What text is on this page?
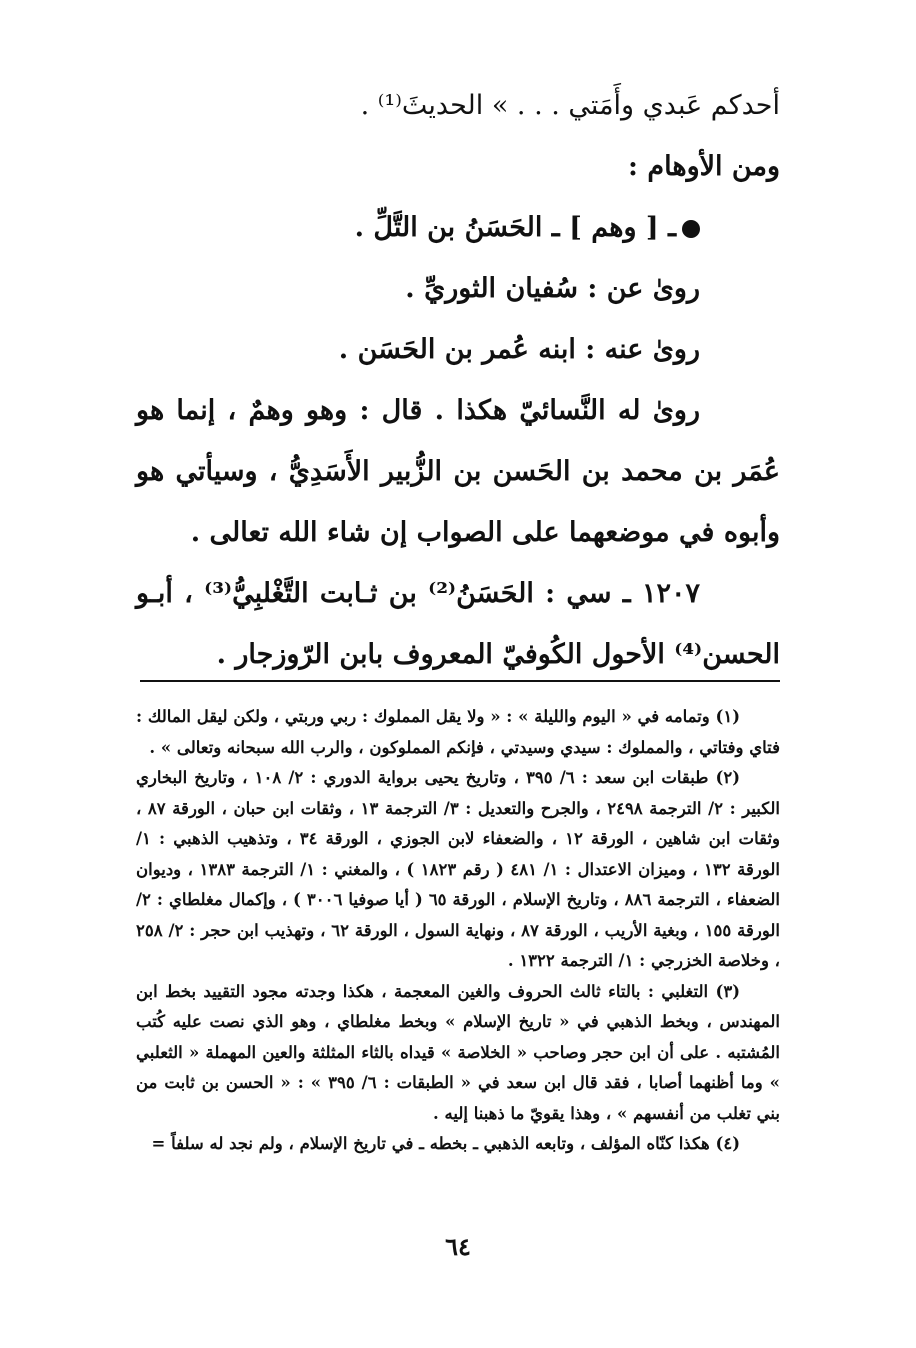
أحدكم عَبدي وأَمَتي . . . » الحديثَ⁽¹⁾ .

ومن الأوهام :

ـ [ وهم ] ـ الحَسَنُ بن التَّلِّ .

رویٰ عن : سُفيان الثوريِّ .

رویٰ عنه : ابنه عُمر بن الحَسَن .

رویٰ له النَّسائيّ هكذا . قال : وهو وهمٌ ، إنما هو عُمَر بن محمد بن الحَسن بن الزُّبير الأَسَدِيُّ ، وسيأتي هو وأبوه في موضعهما على الصواب إن شاء الله تعالى .

١٢٠٧ ـ سي : الحَسَنُ⁽²⁾ بن ثـابت التَّغْلبِيُّ⁽³⁾ ، أبـو الحسن⁽⁴⁾ الأحول الكُوفيّ المعروف بابن الرّوزجار .

(١) وتمامه في « اليوم والليلة » : « ولا يقل المملوك : ربي وربتي ، ولكن ليقل المالك : فتاي وفتاتي ، والمملوك : سيدي وسيدتي ، فإنكم المملوكون ، والرب الله سبحانه وتعالى » .

(٢) طبقات ابن سعد : ٦/ ٣٩٥ ، وتاريخ يحيى برواية الدوري : ٢/ ١٠٨ ، وتاريخ البخاري الكبير : ٢/ الترجمة ٢٤٩٨ ، والجرح والتعديل : ٣/ الترجمة ١٣ ، وثقات ابن حبان ، الورقة ٨٧ ، وثقات ابن شاهين ، الورقة ١٢ ، والضعفاء لابن الجوزي ، الورقة ٣٤ ، وتذهيب الذهبي : ١/ الورقة ١٣٢ ، وميزان الاعتدال : ١/ ٤٨١ ( رقم ١٨٢٣ ) ، والمغني : ١/ الترجمة ١٣٨٣ ، وديوان الضعفاء ، الترجمة ٨٨٦ ، وتاريخ الإسلام ، الورقة ٦٥ ( أيا صوفيا ٣٠٠٦ ) ، وإكمال مغلطاي : ٢/ الورقة ١٥٥ ، وبغية الأريب ، الورقة ٨٧ ، ونهاية السول ، الورقة ٦٢ ، وتهذيب ابن حجر : ٢/ ٢٥٨ ، وخلاصة الخزرجي : ١/ الترجمة ١٣٢٢ .

(٣) التغلبي : بالتاء ثالث الحروف والغين المعجمة ، هكذا وجدته مجود التقييد بخط ابن المهندس ، وبخط الذهبي في « تاريخ الإسلام » وبخط مغلطاي ، وهو الذي نصت عليه كُتب المُشتبه . على أن ابن حجر وصاحب « الخلاصة » قيداه بالثاء المثلثة والعين المهملة « الثعلبي » وما أظنهما أصابا ، فقد قال ابن سعد في « الطبقات : ٦/ ٣٩٥ » : « الحسن بن ثابت من بني تغلب من أنفسهم » ، وهذا يقويّ ما ذهبنا إليه .

(٤) هكذا كنّاه المؤلف ، وتابعه الذهبي ـ بخطه ـ في تاريخ الإسلام ، ولم نجد له سلفاً =

٦٤
